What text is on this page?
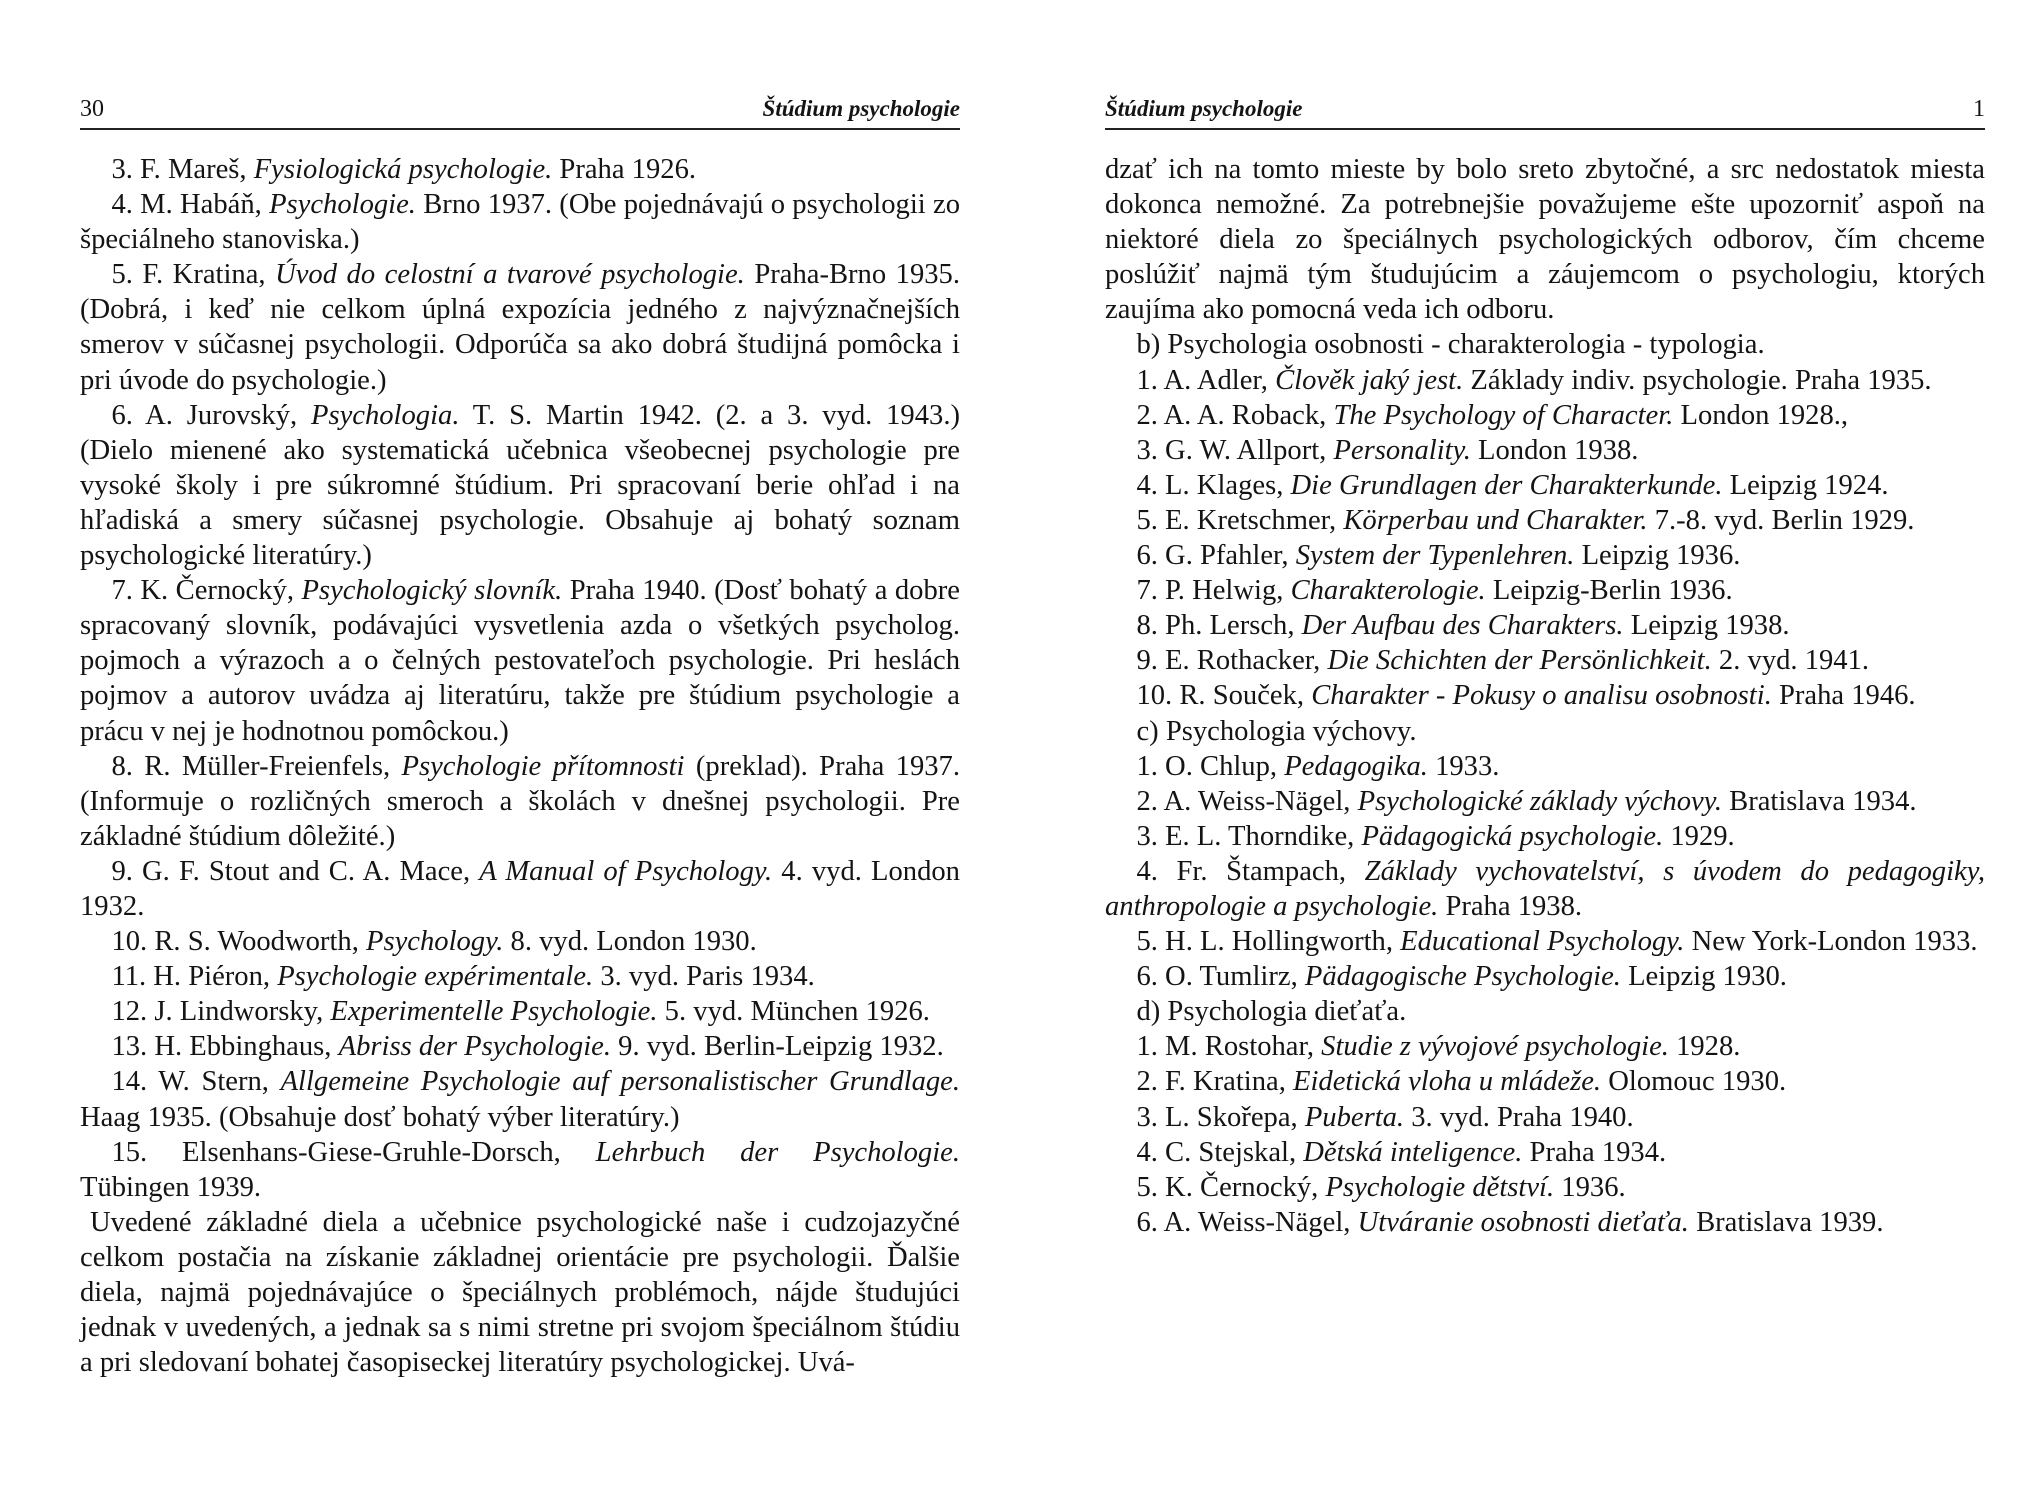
30	Štúdium psychologie

3. F. Mareš, Fysiologická psychologie. Praha 1926.

4. M. Habáň, Psychologie. Brno 1937. (Obe pojednávajú o psychologii zo špeciálneho stanoviska.)

5. F. Kratina, Úvod do celostní a tvarové psychologie. Praha-Brno 1935. (Dobrá, i keď nie celkom úplná expozícia jedného z najvýznačnejších smerov v súčasnej psychologii. Odporúča sa ako dobrá študijná pomôcka i pri úvode do psychologie.)

6. A. Jurovský, Psychologia. T. S. Martin 1942. (2. a 3. vyd. 1943.) (Dielo mienené ako systematická učebnica všeobecnej psychologie pre vysoké školy i pre súkromné štúdium. Pri spracovaní berie ohľad i na hľadiská a smery súčasnej psychologie. Obsahuje aj bohatý soznam psychologické literatúry.)

7. K. Černocký, Psychologický slovník. Praha 1940. (Dosť bohatý a dobre spracovaný slovník, podávajúci vysvetlenia azda o všetkých psycholog. pojmoch a výrazoch a o čelných pestovateľoch psychologie. Pri heslách pojmov a autorov uvádza aj literatúru, takže pre štúdium psychologie a prácu v nej je hodnotnou pomôckou.)

8. R. Müller-Freienfels, Psychologie přítomnosti (preklad). Praha 1937. (Informuje o rozličných smeroch a školách v dnešnej psychologii. Pre základné štúdium dôležité.)

9. G. F. Stout and C. A. Mace, A Manual of Psychology. 4. vyd. London 1932.

10. R. S. Woodworth, Psychology. 8. vyd. London 1930.

11. H. Piéron, Psychologie expérimentale. 3. vyd. Paris 1934.

12. J. Lindworsky, Experimentelle Psychologie. 5. vyd. München 1926.

13. H. Ebbinghaus, Abriss der Psychologie. 9. vyd. Berlin-Leipzig 1932.

14. W. Stern, Allgemeine Psychologie auf personalistischer Grundlage. Haag 1935. (Obsahuje dosť bohatý výber literatúry.)

15. Elsenhans-Giese-Gruhle-Dorsch, Lehrbuch der Psychologie. Tübingen 1939.

Uvedené základné diela a učebnice psychologické naše i cudzojazyčné celkom postačia na získanie základnej orientácie pre psychologii. Ďalšie diela, najmä pojednávajúce o špeciálnych problémoch, nájde študujúci jednak v uvedených, a jednak sa s nimi stretne pri svojom špeciálnom štúdiu a pri sledovaní bohatej časopiseckej literatúry psychologickej. Uvá-

Štúdium psychologie	1

dzať ich na tomto mieste by bolo sreto zbytočné, a src nedostatok miesta dokonca nemožné. Za potrebnejšie považujeme ešte upozorniť aspoň na niektoré diela zo špeciálnych psychologických odborov, čím chceme poslúžiť najmä tým študujúcim a záujemcom o psychologiu, ktorých zaujíma ako pomocná veda ich odboru.

b) Psychologia osobnosti - charakterologia - typologia.

1. A. Adler, Člověk jaký jest. Základy indiv. psychologie. Praha 1935.

2. A. A. Roback, The Psychology of Character. London 1928.,

3. G. W. Allport, Personality. London 1938.

4. L. Klages, Die Grundlagen der Charakterkunde. Leipzig 1924.

5. E. Kretschmer, Körperbau und Charakter. 7.-8. vyd. Berlin 1929.

6. G. Pfahler, System der Typenlehren. Leipzig 1936.

7. P. Helwig, Charakterologie. Leipzig-Berlin 1936.

8. Ph. Lersch, Der Aufbau des Charakters. Leipzig 1938.

9. E. Rothacker, Die Schichten der Persönlichkeit. 2. vyd. 1941.

10. R. Souček, Charakter - Pokusy o analisu osobnosti. Praha 1946.

c) Psychologia výchovy.

1. O. Chlup, Pedagogika. 1933.

2. A. Weiss-Nägel, Psychologické základy výchovy. Bratislava 1934.

3. E. L. Thorndike, Pädagogická psychologie. 1929.

4. Fr. Štampach, Základy vychovatelství, s úvodem do pedagogiky, anthropologie a psychologie. Praha 1938.

5. H. L. Hollingworth, Educational Psychology. New York-London 1933.

6. O. Tumlirz, Pädagogische Psychologie. Leipzig 1930.

d) Psychologia dieťaťa.

1. M. Rostohar, Studie z vývojové psychologie. 1928.

2. F. Kratina, Eidetická vloha u mládeže. Olomouc 1930.

3. L. Skořepa, Puberta. 3. vyd. Praha 1940.

4. C. Stejskal, Dětská inteligence. Praha 1934.

5. K. Černocký, Psychologie dětství. 1936.

6. A. Weiss-Nägel, Utváranie osobnosti dieťaťa. Bratislava 1939.
